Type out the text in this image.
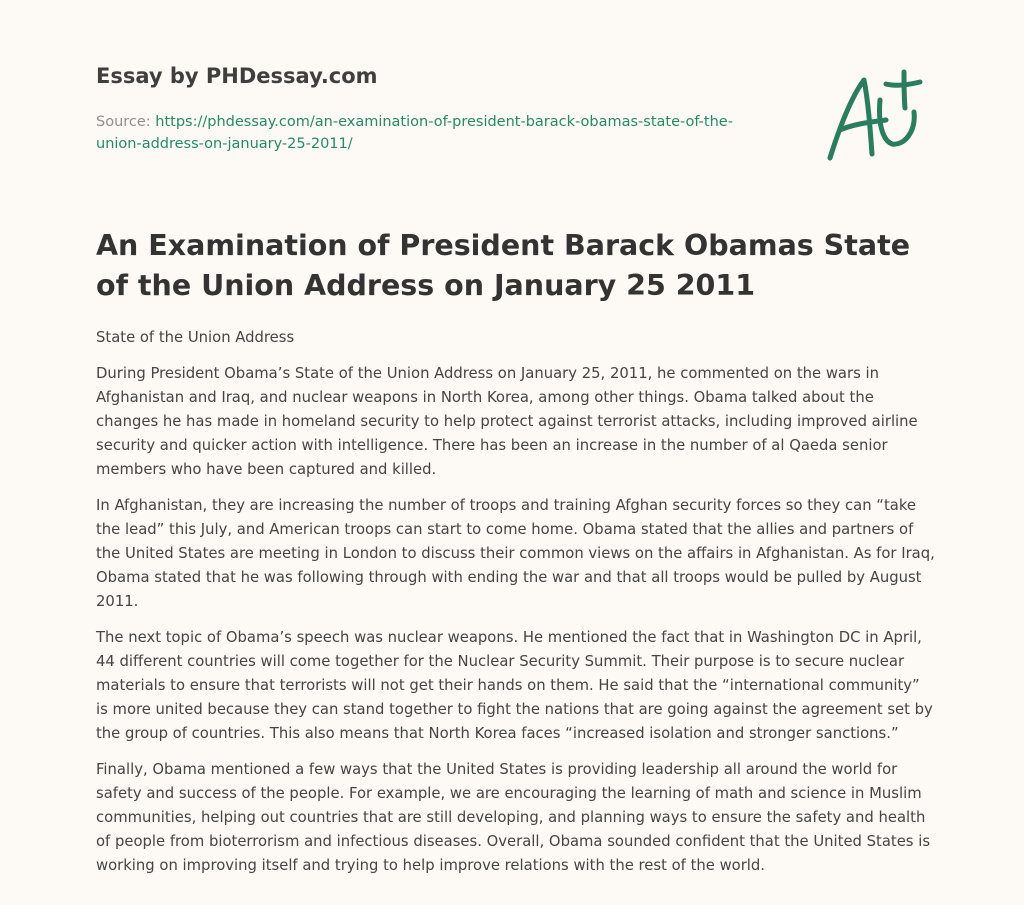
Essay by PHDessay.com

Source: https://phdessay.com/an-examination-of-president-barack-obamas-state-of-the-
union-address-on-january-25-2011/

An Examination of President Barack Obamas State of the Union Address on January 25 2011

State of the Union Address

During President Obama’s State of the Union Address on January 25, 2011, he commented on the wars in Afghanistan and Iraq, and nuclear weapons in North Korea, among other things. Obama talked about the changes he has made in homeland security to help protect against terrorist attacks, including improved airline security and quicker action with intelligence. There has been an increase in the number of al Qaeda senior members who have been captured and killed.

In Afghanistan, they are increasing the number of troops and training Afghan security forces so they can “take the lead” this July, and American troops can start to come home. Obama stated that the allies and partners of the United States are meeting in London to discuss their common views on the affairs in Afghanistan. As for Iraq, Obama stated that he was following through with ending the war and that all troops would be pulled by August 2011.

The next topic of Obama’s speech was nuclear weapons. He mentioned the fact that in Washington DC in April, 44 different countries will come together for the Nuclear Security Summit. Their purpose is to secure nuclear materials to ensure that terrorists will not get their hands on them. He said that the “international community” is more united because they can stand together to fight the nations that are going against the agreement set by the group of countries. This also means that North Korea faces “increased isolation and stronger sanctions.”

Finally, Obama mentioned a few ways that the United States is providing leadership all around the world for safety and success of the people. For example, we are encouraging the learning of math and science in Muslim communities, helping out countries that are still developing, and planning ways to ensure the safety and health of people from bioterrorism and infectious diseases. Overall, Obama sounded confident that the United States is working on improving itself and trying to help improve relations with the rest of the world.
